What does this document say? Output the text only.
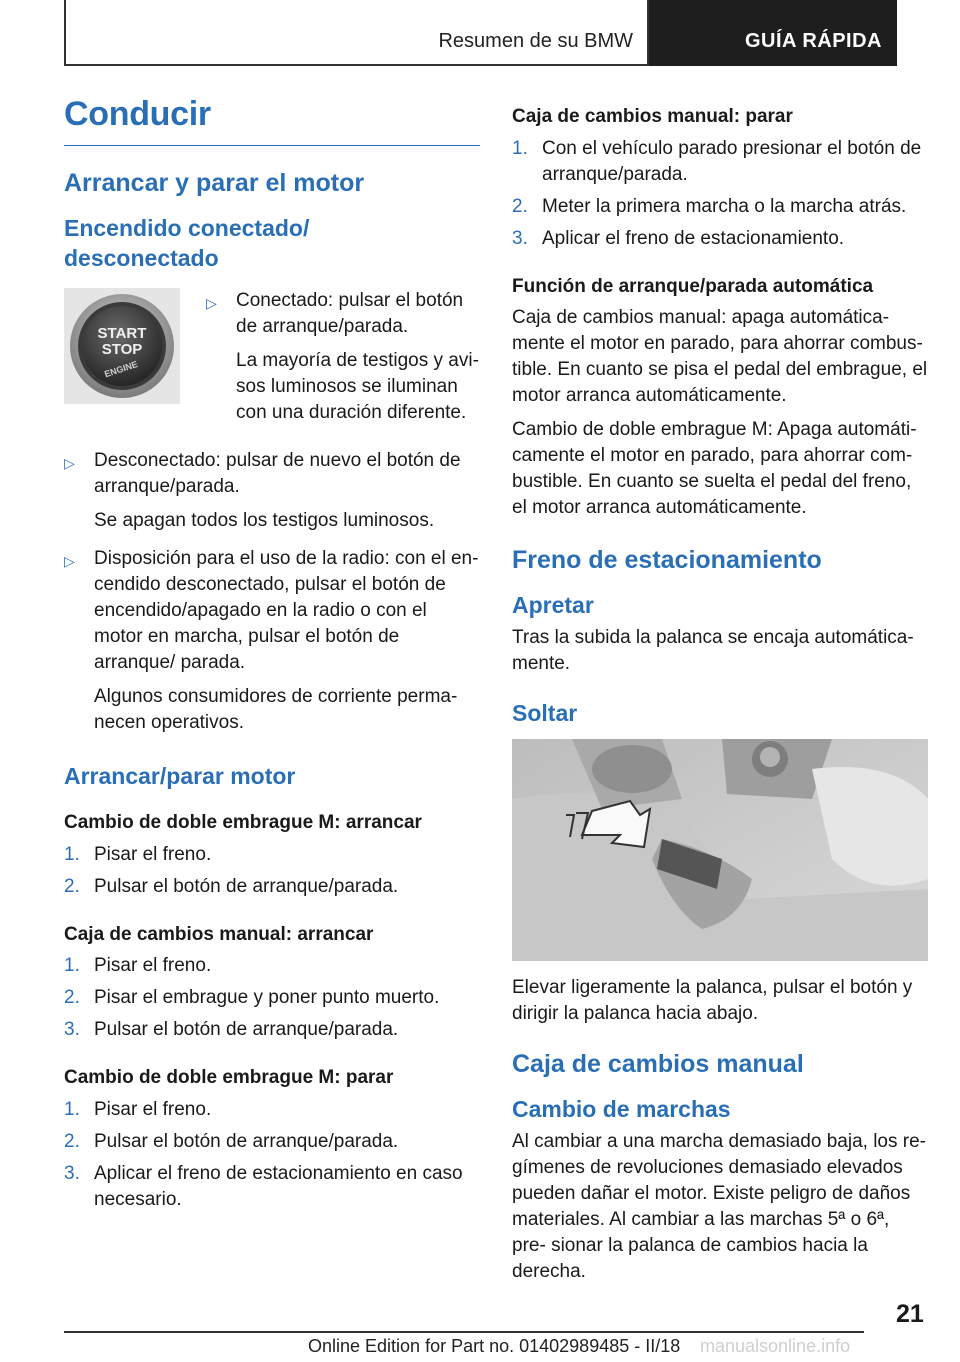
Resumen de su BMW	GUÍA RÁPIDA
Conducir
Arrancar y parar el motor
Encendido conectado/ desconectado
START
STOP
ENGINE
▷	Conectado: pulsar el botón de arranque/parada.

La mayoría de testigos y avi- sos luminosos se iluminan con una duración diferente.

▷	Desconectado: pulsar de nuevo el botón de arranque/parada.

Se apagan todos los testigos luminosos.

▷	Disposición para el uso de la radio: con el en- cendido desconectado, pulsar el botón de encendido/apagado en la radio o con el motor en marcha, pulsar el botón de arranque/ parada.

Algunos consumidores de corriente perma- necen operativos.

Arrancar/parar motor
Cambio de doble embrague M: arrancar
1. Pisar el freno.
2. Pulsar el botón de arranque/parada.
Caja de cambios manual: arrancar
1. Pisar el freno.
2. Pisar el embrague y poner punto muerto.
3. Pulsar el botón de arranque/parada.
Cambio de doble embrague M: parar
1. Pisar el freno.
2. Pulsar el botón de arranque/parada.
3. Aplicar el freno de estacionamiento en caso necesario.
Caja de cambios manual: parar
1. Con el vehículo parado presionar el botón de arranque/parada.
2. Meter la primera marcha o la marcha atrás.
3. Aplicar el freno de estacionamiento.
Función de arranque/parada automática

Caja de cambios manual: apaga automática- mente el motor en parado, para ahorrar combus- tible. En cuanto se pisa el pedal del embrague, el motor arranca automáticamente.

Cambio de doble embrague M: Apaga automáti- camente el motor en parado, para ahorrar com- bustible. En cuanto se suelta el pedal del freno, el motor arranca automáticamente.

Freno de estacionamiento
Apretar

Tras la subida la palanca se encaja automática- mente.

Soltar

Elevar ligeramente la palanca, pulsar el botón y dirigir la palanca hacia abajo.

Caja de cambios manual
Cambio de marchas

Al cambiar a una marcha demasiado baja, los re- gímenes de revoluciones demasiado elevados pueden dañar el motor. Existe peligro de daños materiales. Al cambiar a las marchas 5ª o 6ª, pre- sionar la palanca de cambios hacia la derecha.

21
Online Edition for Part no. 01402989485 - II/18 manualsonline.info
